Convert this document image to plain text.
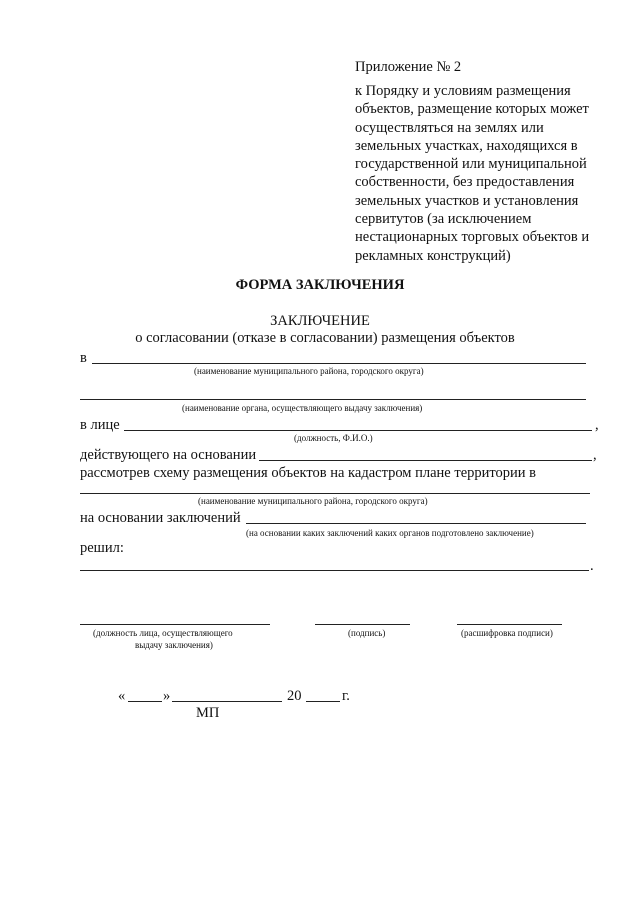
Приложение № 2
к Порядку и условиям размещения
объектов, размещение которых может
осуществляться на землях или
земельных участках, находящихся в
государственной или муниципальной
собственности, без предоставления
земельных участков и установления
сервитутов (за исключением
нестационарных торговых объектов и
рекламных конструкций)
ФОРМА ЗАКЛЮЧЕНИЯ
ЗАКЛЮЧЕНИЕ
о согласовании (отказе в согласовании) размещения объектов
в
(наименование муниципального района, городского округа)
(наименование органа, осуществляющего выдачу заключения)
в лице	,
(должность, Ф.И.О.)
действующего на основании	,
рассмотрев схему размещения объектов на кадастром плане территории в
(наименование муниципального района, городского округа)
на основании заключений
(на основании каких заключений каких органов подготовлено заключение)
решил:
.
(должность лица, осуществляющего
выдачу заключения)
(подпись)	(расшифровка подписи)
«	»	20	г.
МП
